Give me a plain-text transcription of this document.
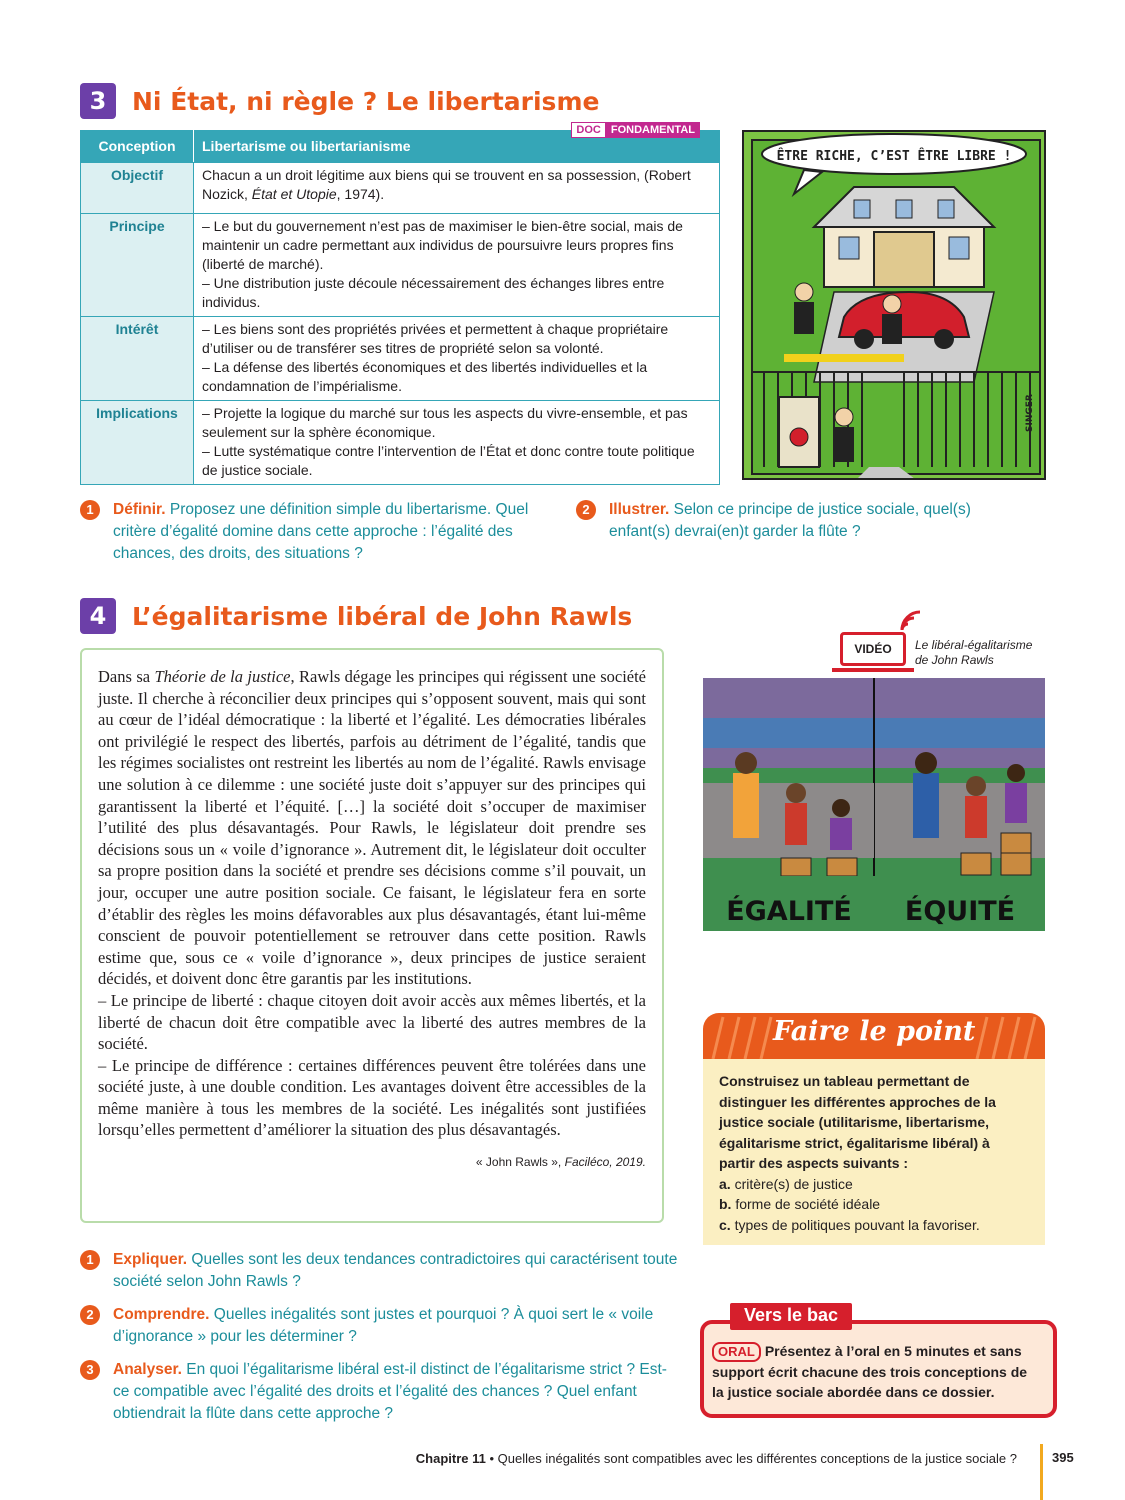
3	Ni État, ni règle ? Le libertarisme
DOC FONDAMENTAL
Conception	Libertarisme ou libertarianisme
Objectif	Chacun a un droit légitime aux biens qui se trouvent en sa possession, (Robert Nozick, État et Utopie, 1974).
Principe	– Le but du gouvernement n’est pas de maximiser le bien-être social, mais de maintenir un cadre permettant aux individus de poursuivre leurs propres fins (liberté de marché).
– Une distribution juste découle nécessairement des échanges libres entre individus.

Intérêt	– Les biens sont des propriétés privées et permettent à chaque propriétaire d’utiliser ou de transférer ses titres de propriété selon sa volonté.
– La défense des libertés économiques et des libertés individuelles et la condamnation de l’impérialisme.

Implications	– Projette la logique du marché sur tous les aspects du vivre-ensemble, et pas seulement sur la sphère économique.
– Lutte systématique contre l’intervention de l’État et donc contre toute politique de justice sociale.
ÊTRE RICHE, C’EST ÊTRE LIBRE !
SINGER
1	Définir. Proposez une définition simple du libertarisme. Quel critère d’égalité domine dans cette approche : l’égalité des chances, des droits, des situations ?
2	Illustrer. Selon ce principe de justice sociale, quel(s) enfant(s) devrai(en)t garder la flûte ?
4	L’égalitarisme libéral de John Rawls

Dans sa Théorie de la justice, Rawls dégage les principes qui régissent une société juste. Il cherche à réconcilier deux principes qui s’opposent souvent, mais qui sont au cœur de l’idéal démocratique : la liberté et l’égalité. Les démocraties libérales ont privilégié le respect des libertés, parfois au détriment de l’égalité, tandis que les régimes socialistes ont restreint les libertés au nom de l’égalité. Rawls envisage une solution à ce dilemme : une société juste doit s’appuyer sur des principes qui garantissent la liberté et l’équité. […] la société doit s’occuper de maximiser l’utilité des plus désavantagés. Pour Rawls, le législateur doit prendre ses décisions sous un « voile d’ignorance ». Autrement dit, le législateur doit occulter sa propre position dans la société et prendre ses décisions comme s’il pouvait, un jour, occuper une autre position sociale. Ce faisant, le législateur fera en sorte d’établir des règles les moins défavorables aux plus désavantagés, étant lui-même conscient de pouvoir potentiellement se retrouver dans cette position. Rawls estime que, sous ce « voile d’ignorance », deux principes de justice seraient décidés, et doivent donc être garantis par les institutions.

– Le principe de liberté : chaque citoyen doit avoir accès aux mêmes libertés, et la liberté de chacun doit être compatible avec la liberté des autres membres de la société.

– Le principe de différence : certaines différences peuvent être tolérées dans une société juste, à une double condition. Les avantages doivent être accessibles de la même manière à tous les membres de la société. Les inégalités sont justifiées lorsqu’elles permettent d’améliorer la situation des plus désavantagés.

« John Rawls », Faciléco, 2019.

VIDÉO	Le libéral-égalitarisme
de John Rawls
ÉGALITÉ ÉQUITÉ
Faire le point
Construisez un tableau permettant de distinguer les différentes approches de la justice sociale (utilitarisme, libertarisme, égalitarisme strict, égalitarisme libéral) à partir des aspects suivants :
a. critère(s) de justice
b. forme de société idéale
c. types de politiques pouvant la favoriser.
1	Expliquer. Quelles sont les deux tendances contradictoires qui caractérisent toute société selon John Rawls ?
2	Comprendre. Quelles inégalités sont justes et pourquoi ? À quoi sert le « voile d’ignorance » pour les déterminer ?
3	Analyser. En quoi l’égalitarisme libéral est-il distinct de l’égalitarisme strict ? Est-ce compatible avec l’égalité des droits et l’égalité des chances ? Quel enfant obtiendrait la flûte dans cette approche ?
Vers le bac
ORAL Présentez à l’oral en 5 minutes et sans support écrit chacune des trois conceptions de la justice sociale abordée dans ce dossier.
Chapitre 11 • Quelles inégalités sont compatibles avec les différentes conceptions de la justice sociale ?	395
